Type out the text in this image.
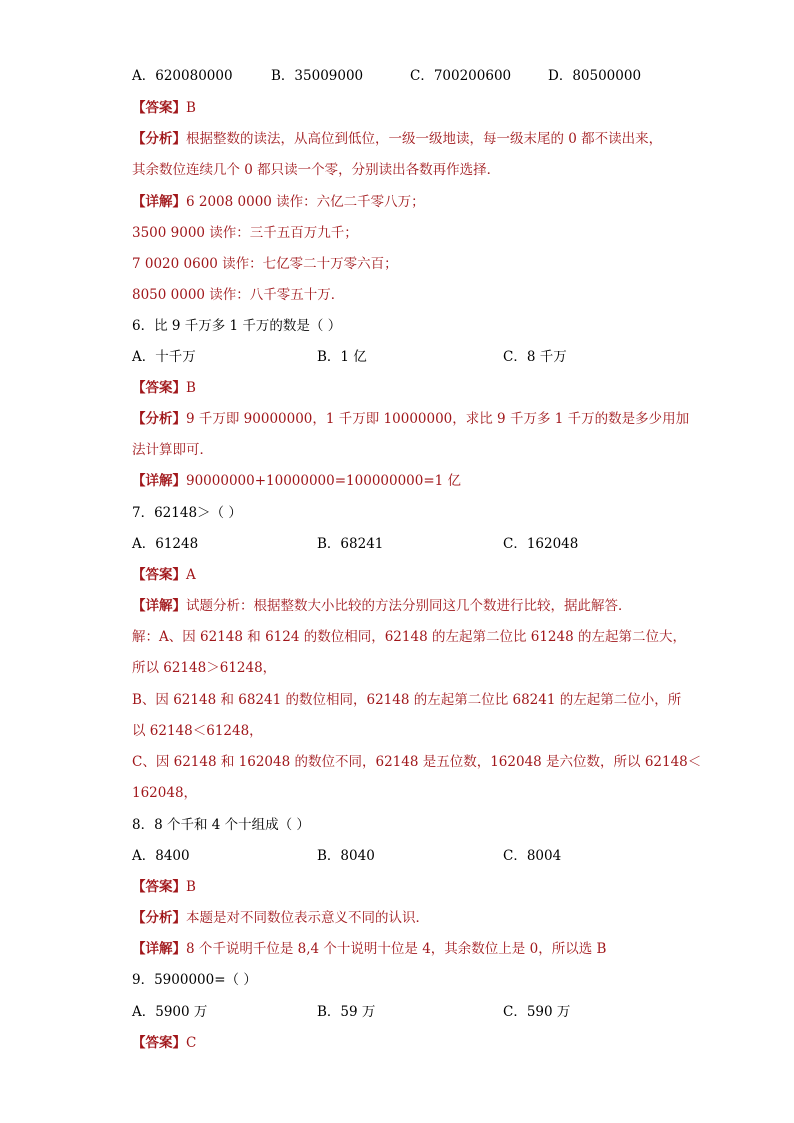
A．620080000	B．35009000	C．700200600	D．80500000
【答案】B
【分析】根据整数的读法，从高位到低位，一级一级地读，每一级末尾的 0 都不读出来，
其余数位连续几个 0 都只读一个零，分别读出各数再作选择．
【详解】6 2008 0000 读作：六亿二千零八万；
3500 9000 读作：三千五百万九千；
7 0020 0600 读作：七亿零二十万零六百；
8050 0000 读作：八千零五十万．
6．比 9 千万多 1 千万的数是（ ）
A．十千万	B．1 亿	C．8 千万
【答案】B
【分析】9 千万即 90000000，1 千万即 10000000，求比 9 千万多 1 千万的数是多少用加
法计算即可．
【详解】90000000+10000000=100000000=1 亿
7．62148＞（ ）
A．61248	B．68241	C．162048
【答案】A
【详解】试题分析：根据整数大小比较的方法分别同这几个数进行比较，据此解答．
解：A、因 62148 和 6124 的数位相同，62148 的左起第二位比 61248 的左起第二位大，
所以 62148＞61248，
B、因 62148 和 68241 的数位相同，62148 的左起第二位比 68241 的左起第二位小，所
以 62148＜61248，
C、因 62148 和 162048 的数位不同，62148 是五位数，162048 是六位数，所以 62148＜
162048，
8．8 个千和 4 个十组成（ ）
A．8400	B．8040	C．8004
【答案】B
【分析】本题是对不同数位表示意义不同的认识．
【详解】8 个千说明千位是 8,4 个十说明十位是 4，其余数位上是 0，所以选 B
9．5900000=（ ）
A．5900 万	B．59 万	C．590 万
【答案】C
